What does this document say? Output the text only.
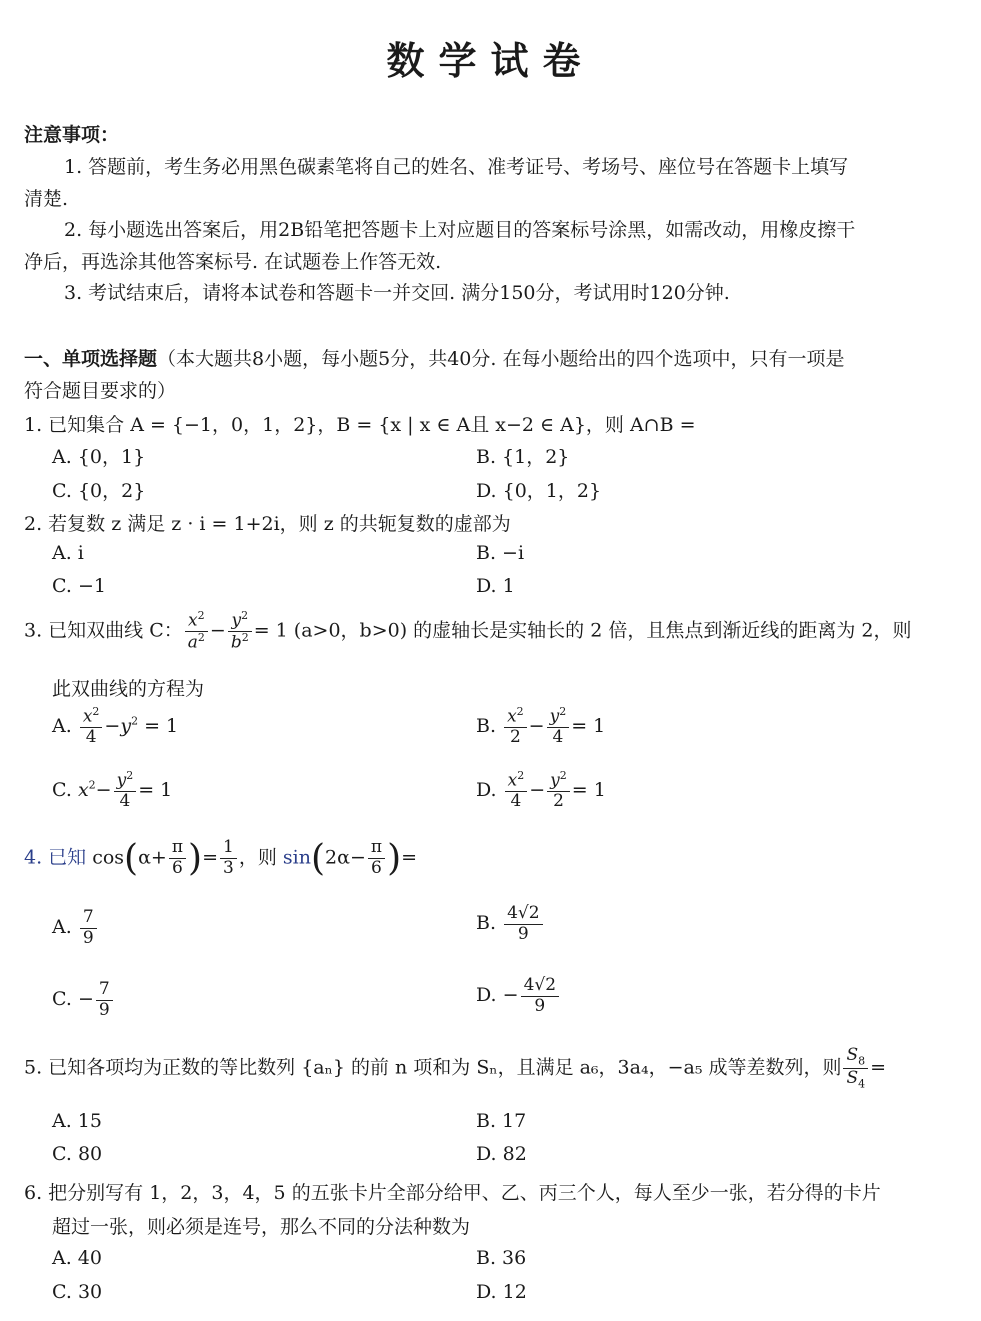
数学试卷
注意事项：
1. 答题前，考生务必用黑色碳素笔将自己的姓名、准考证号、考场号、座位号在答题卡上填写
清楚.
2. 每小题选出答案后，用2B铅笔把答题卡上对应题目的答案标号涂黑，如需改动，用橡皮擦干
净后，再选涂其他答案标号. 在试题卷上作答无效.
3. 考试结束后，请将本试卷和答题卡一并交回. 满分150分，考试用时120分钟.
一、单项选择题（本大题共8小题，每小题5分，共40分. 在每小题给出的四个选项中，只有一项是
符合题目要求的）
1. 已知集合 A = {−1，0，1，2}，B = {x | x ∈ A且 x−2 ∈ A}，则 A∩B =
A. {0，1}	B. {1，2}
C. {0，2}	D. {0，1，2}
2. 若复数 z 满足 z · i = 1+2i，则 z 的共轭复数的虚部为
A. i	B. −i
C. −1	D. 1
3. 已知双曲线 C： $\frac{x^2}{a^2} - \frac{y^2}{b^2} = 1$ (a>0，b>0) 的虚轴长是实轴长的 2 倍，且焦点到渐近线的距离为 2，则
此双曲线的方程为
A. $\frac{x^2}{4} -y^2 = 1$	B. $\frac{x^2}{2} - \frac{y^2}{4} = 1$
C. $x^2- \frac{y^2}{4} = 1$	D. $\frac{x^2}{4} - \frac{y^2}{2} = 1$
4. 已知 $\cos(\alpha+ \frac{\pi}{6}$ )= $\frac{1}{3}$ ，则 $\sin(2\alpha- \frac{\pi}{6}$ )=
A. $\frac{7}{9}$	B. $\frac{4√2}{9}$
C. − $\frac{7}{9}$	D. − $\frac{4√2}{9}$
5. 已知各项均为正数的等比数列 {aₙ} 的前 n 项和为 Sₙ，且满足 a₆，3a₄，−a₅ 成等差数列，则 $\frac{S_8}{S_4}$ =
A. 15	B. 17
C. 80	D. 82
6. 把分别写有 1，2，3，4，5 的五张卡片全部分给甲、乙、丙三个人，每人至少一张，若分得的卡片
超过一张，则必须是连号，那么不同的分法种数为
A. 40	B. 36
C. 30	D. 12
